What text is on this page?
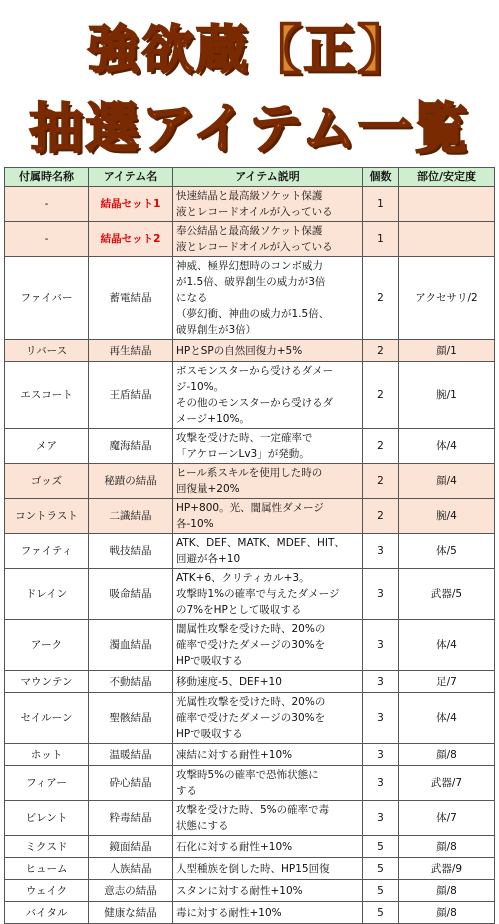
強欲蔵【正】
抽選アイテム一覧
付属時名称	アイテム名	アイテム説明	個数	部位/安定度
-	結晶セット1	快速結晶と最高級ソケット保護
液とレコードオイルが入っている	1	
-	結晶セット2	奉公結晶と最高級ソケット保護
液とレコードオイルが入っている	1	
ファイバー	蓄電結晶	神威、極界幻想時のコンボ威力
が1.5倍、破界創生の威力が3倍
になる
（夢幻衝、神曲の威力が1.5倍、
破界創生が3倍）	2	アクセサリ/2
リバース	再生結晶	HPとSPの自然回復力+5%	2	顔/1
エスコート	王盾結晶	ボスモンスターから受けるダメー
ジ-10%。
その他のモンスターから受けるダ
メージ+10%。	2	腕/1
メア	魔海結晶	攻撃を受けた時、一定確率で
「アケローンLv3」が発動。	2	体/4
ゴッズ	秘蹟の結晶	ヒール系スキルを使用した時の
回復量+20%	2	顔/4
コントラスト	二識結晶	HP+800。光、闇属性ダメージ
各-10%	2	腕/4
ファイティ	戦技結晶	ATK、DEF、MATK、MDEF、HIT、
回避が各+10	3	体/5
ドレイン	吸命結晶	ATK+6、クリティカル+3。
攻撃時1%の確率で与えたダメージ
の7%をHPとして吸収する	3	武器/5
アーク	濁血結晶	闇属性攻撃を受けた時、20%の
確率で受けたダメージの30%を
HPで吸収する	3	体/4
マウンテン	不動結晶	移動速度-5、DEF+10	3	足/7
セイルーン	聖骸結晶	光属性攻撃を受けた時、20%の
確率で受けたダメージの30%を
HPで吸収する	3	体/4
ホット	温暖結晶	凍結に対する耐性+10%	3	顔/8
フィアー	砕心結晶	攻撃時5%の確率で恐怖状態に
する	3	武器/7
ビレント	粋毒結晶	攻撃を受けた時、5%の確率で毒
状態にする	3	体/7
ミクスド	鏡面結晶	石化に対する耐性+10%	5	顔/8
ヒューム	人族結晶	人型種族を倒した時、HP15回復	5	武器/9
ウェイク	意志の結晶	スタンに対する耐性+10%	5	顔/8
バイタル	健康な結晶	毒に対する耐性+10%	5	顔/8
